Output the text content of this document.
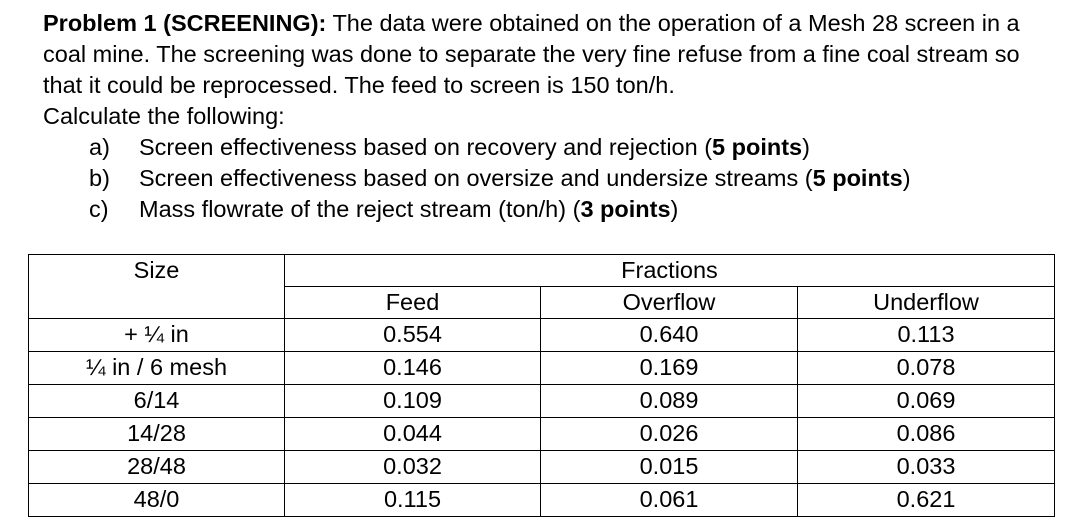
Problem 1 (SCREENING): The data were obtained on the operation of a Mesh 28 screen in a coal mine. The screening was done to separate the very fine refuse from a fine coal stream so that it could be reprocessed. The feed to screen is 150 ton/h.

Calculate the following:

a) Screen effectiveness based on recovery and rejection (5 points)
b) Screen effectiveness based on oversize and undersize streams (5 points)
c) Mass flowrate of the reject stream (ton/h) (3 points)
Size	Fractions		
	Feed	Overflow	Underflow
+ ¼ in	0.554	0.640	0.113
¼ in / 6 mesh	0.146	0.169	0.078
6/14	0.109	0.089	0.069
14/28	0.044	0.026	0.086
28/48	0.032	0.015	0.033
48/0	0.115	0.061	0.621
